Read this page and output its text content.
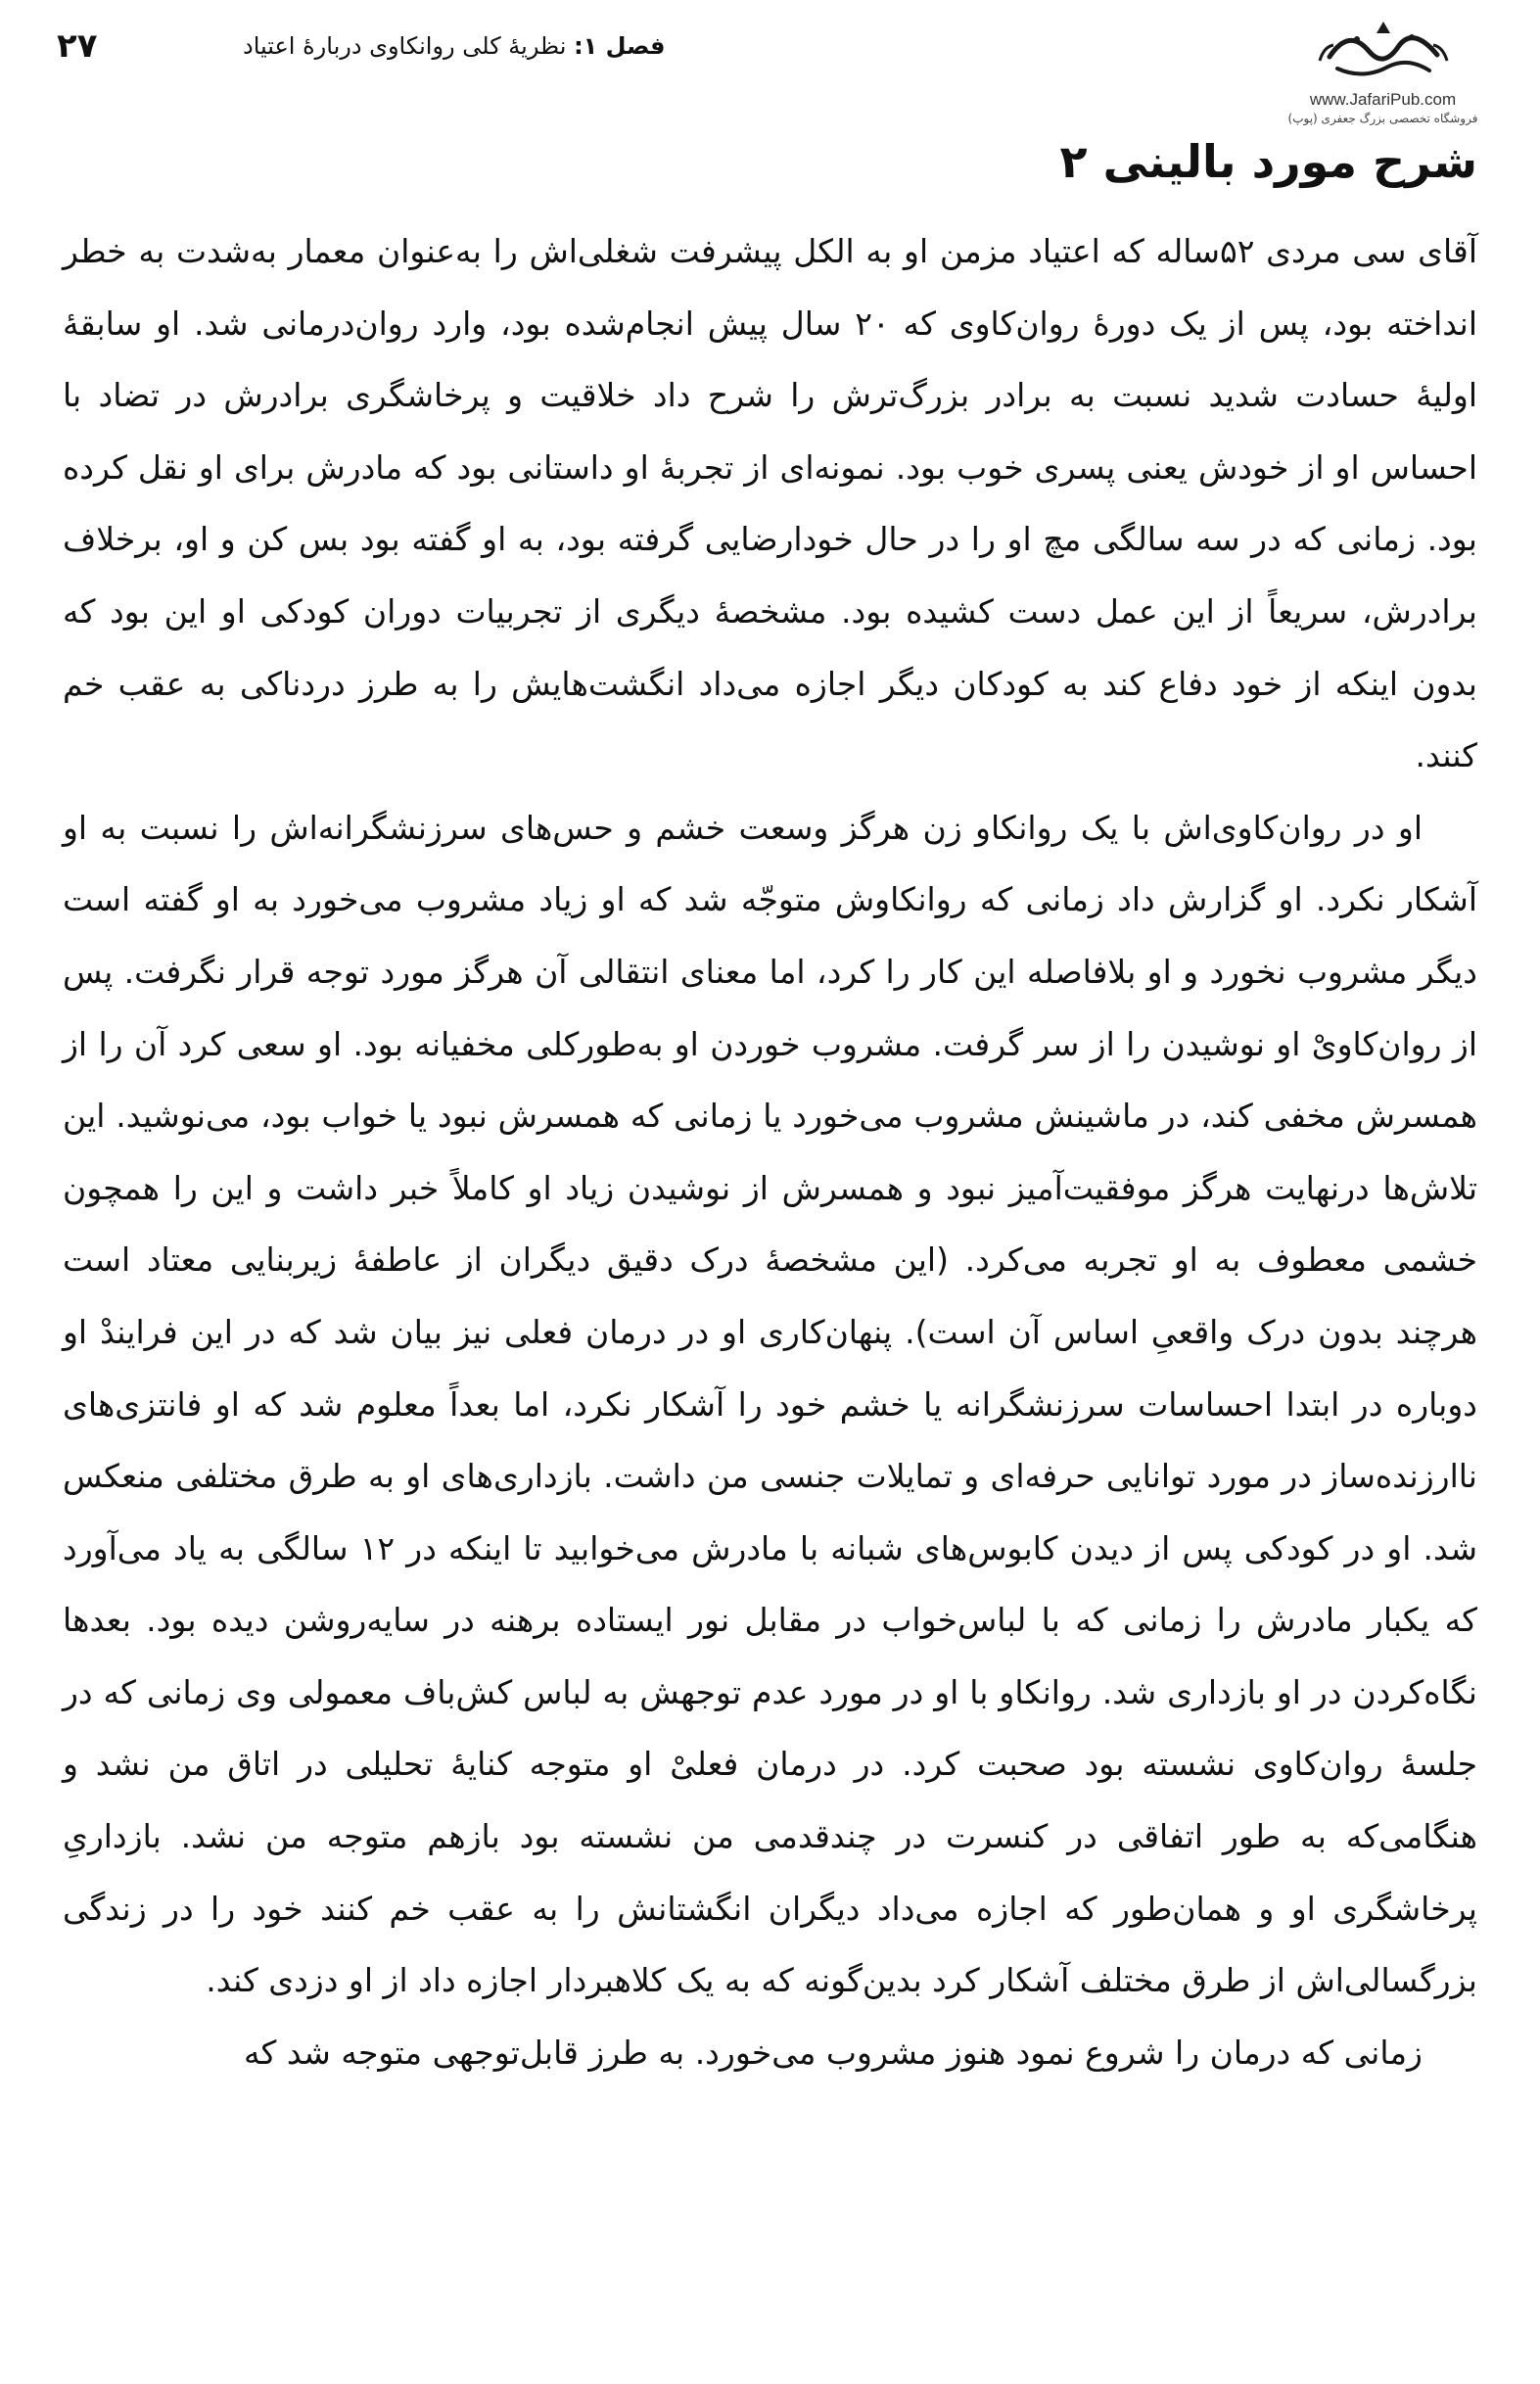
۲۷	فصل ۱: نظریهٔ کلی روانکاوی دربارهٔ اعتیاد
www.JafariPub.com
فروشگاه تخصصی بزرگ جعفری (پوپ)
شرح مورد بالینی ۲

آقای سی مردی ۵۲ساله که اعتیاد مزمن او به الکل پیشرفت شغلی‌اش را به‌عنوان معمار به‌شدت به خطر انداخته بود، پس از یک دورهٔ روان‌کاوی که ۲۰ سال پیش انجام‌شده بود، وارد روان‌درمانی شد. او سابقهٔ اولیهٔ حسادت شدید نسبت به برادر بزرگ‌ترش را شرح داد خلاقیت و پرخاشگری برادرش در تضاد با احساس او از خودش یعنی پسری خوب بود. نمونه‌ای از تجربهٔ او داستانی بود که مادرش برای او نقل کرده بود. زمانی که در سه سالگی مچ او را در حال خودارضایی گرفته بود، به او گفته بود بس کن و او، برخلاف برادرش، سریعاً از این عمل دست کشیده بود. مشخصهٔ دیگری از تجربیات دوران کودکی او این بود که بدون اینکه از خود دفاع کند به کودکان دیگر اجازه می‌داد انگشت‌هایش را به طرز دردناکی به عقب خم کنند.

او در روان‌کاوی‌اش با یک روانکاو زن هرگز وسعت خشم و حس‌های سرزنشگرانه‌اش را نسبت به او آشکار نکرد. او گزارش داد زمانی که روانکاوش متوجّه شد که او زیاد مشروب می‌خورد به او گفته است دیگر مشروب نخورد و او بلافاصله این کار را کرد، اما معنای انتقالی آن هرگز مورد توجه قرار نگرفت. پس از روان‌کاویْ او نوشیدن را از سر گرفت. مشروب خوردن او به‌طورکلی مخفیانه بود. او سعی کرد آن را از همسرش مخفی کند، در ماشینش مشروب می‌خورد یا زمانی که همسرش نبود یا خواب بود، می‌نوشید. این تلاش‌ها درنهایت هرگز موفقیت‌آمیز نبود و همسرش از نوشیدن زیاد او کاملاً خبر داشت و این را همچون خشمی معطوف به او تجربه می‌کرد. (این مشخصهٔ درک دقیق دیگران از عاطفهٔ زیربنایی معتاد است هرچند بدون درک واقعیِ اساس آن است). پنهان‌کاری او در درمان فعلی نیز بیان شد که در این فرایندْ او دوباره در ابتدا احساسات سرزنشگرانه یا خشم خود را آشکار نکرد، اما بعداً معلوم شد که او فانتزی‌های ناارزنده‌ساز در مورد توانایی حرفه‌ای و تمایلات جنسی من داشت. بازداری‌های او به طرق مختلفی منعکس شد. او در کودکی پس از دیدن کابوس‌های شبانه با مادرش می‌خوابید تا اینکه در ۱۲ سالگی به یاد می‌آورد که یکبار مادرش را زمانی که با لباس‌خواب در مقابل نور ایستاده برهنه در سایه‌روشن دیده بود. بعدها نگاه‌کردن در او بازداری شد. روانکاو با او در مورد عدم توجهش به لباس کش‌باف معمولی وی زمانی که در جلسهٔ روان‌کاوی نشسته بود صحبت کرد. در درمان فعلیْ او متوجه کنایهٔ تحلیلی در اتاق من نشد و هنگامی‌که به طور اتفاقی در کنسرت در چندقدمی من نشسته بود بازهم متوجه من نشد. بازداریِ پرخاشگری او و همان‌طور که اجازه می‌داد دیگران انگشتانش را به عقب خم کنند خود را در زندگی بزرگسالی‌اش از طرق مختلف آشکار کرد بدین‌گونه که به یک کلاهبردار اجازه داد از او دزدی کند.

زمانی که درمان را شروع نمود هنوز مشروب می‌خورد. به طرز قابل‌توجهی متوجه شد که
